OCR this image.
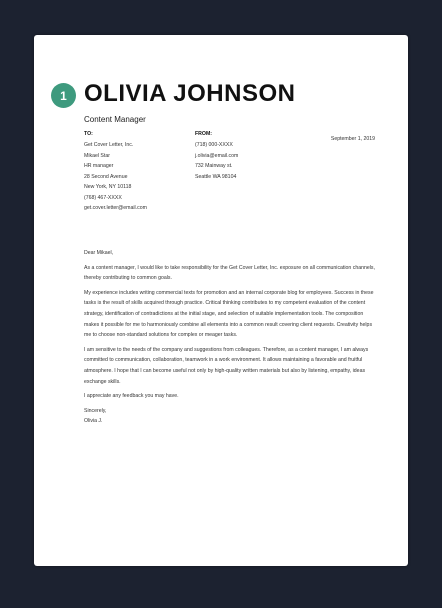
1 OLIVIA JOHNSON
Content Manager
TO:
Get Cover Letter, Inc.
Mikael Star
HR manager
28 Second Avenue
New York, NY 10118
(768) 467-XXXX
get.cover.letter@email.com
FROM:
(718) 000-XXXX
j.olivia@email.com
732 Mainway st.
Seattle WA 98104
September 1, 2019

Dear Mikael,

As a content manager, I would like to take responsibility for the Get Cover Letter, Inc. exposure on all communication channels, thereby contributing to common goals.

My experience includes writing commercial texts for promotion and an internal corporate blog for employees. Success in these tasks is the result of skills acquired through practice. Critical thinking contributes to my competent evaluation of the content strategy, identification of contradictions at the initial stage, and selection of suitable implementation tools. The composition makes it possible for me to harmoniously combine all elements into a common result covering client requests. Creativity helps me to choose non-standard solutions for complex or meager tasks.

I am sensitive to the needs of the company and suggestions from colleagues. Therefore, as a content manager, I am always committed to communication, collaboration, teamwork in a work environment. It allows maintaining a favorable and fruitful atmosphere. I hope that I can become useful not only by high-quality written materials but also by listening, empathy, ideas exchange skills.

I appreciate any feedback you may have.

Sincerely,
Olivia J.
